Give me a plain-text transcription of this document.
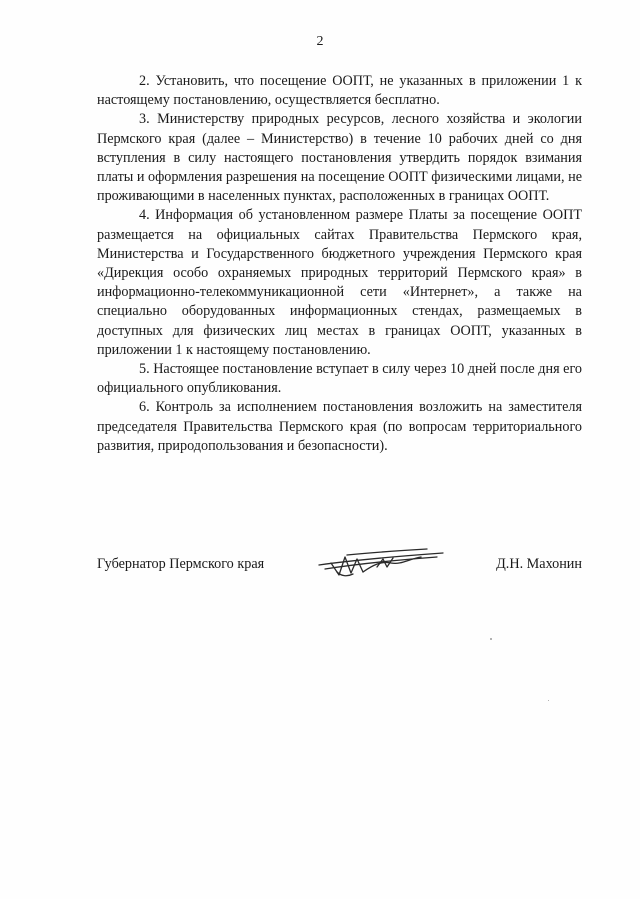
2

2. Установить, что посещение ООПТ, не указанных в приложении 1 к настоящему постановлению, осуществляется бесплатно.

3. Министерству природных ресурсов, лесного хозяйства и экологии Пермского края (далее – Министерство) в течение 10 рабочих дней со дня вступления в силу настоящего постановления утвердить порядок взимания платы и оформления разрешения на посещение ООПТ физическими лицами, не проживающими в населенных пунктах, расположенных в границах ООПТ.

4. Информация об установленном размере Платы за посещение ООПТ размещается на официальных сайтах Правительства Пермского края, Министерства и Государственного бюджетного учреждения Пермского края «Дирекция особо охраняемых природных территорий Пермского края» в информационно-телекоммуникационной сети «Интернет», а также на специально оборудованных информационных стендах, размещаемых в доступных для физических лиц местах в границах ООПТ, указанных в приложении 1 к настоящему постановлению.

5. Настоящее постановление вступает в силу через 10 дней после дня его официального опубликования.

6. Контроль за исполнением постановления возложить на заместителя председателя Правительства Пермского края (по вопросам территориального развития, природопользования и безопасности).

Губернатор Пермского края	Д.Н. Махонин
